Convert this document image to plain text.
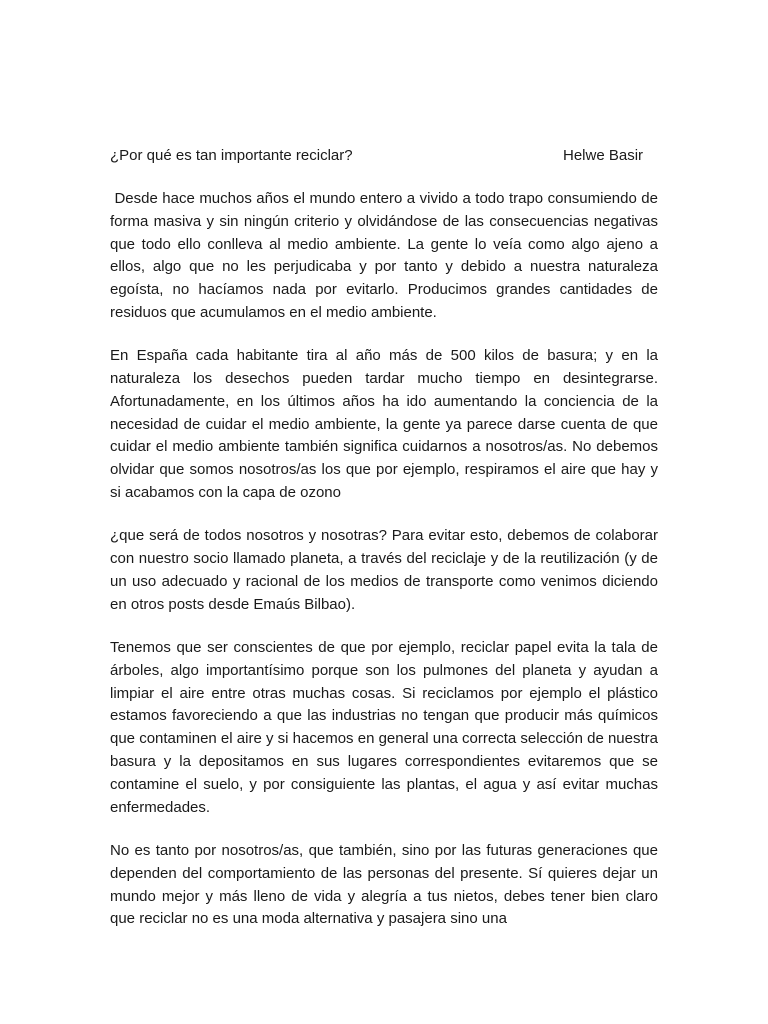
¿Por qué es tan importante reciclar?	Helwe Basir

Desde hace muchos años el mundo entero a vivido a todo trapo consumiendo de forma masiva y sin ningún criterio y olvidándose de las consecuencias negativas que todo ello conlleva al medio ambiente. La gente lo veía como algo ajeno a ellos, algo que no les perjudicaba y por tanto y debido a nuestra naturaleza egoísta, no hacíamos nada por evitarlo. Producimos grandes cantidades de residuos que acumulamos en el medio ambiente.

En España cada habitante tira al año más de 500 kilos de basura; y en la naturaleza los desechos pueden tardar mucho tiempo en desintegrarse. Afortunadamente, en los últimos años ha ido aumentando la conciencia de la necesidad de cuidar el medio ambiente, la gente ya parece darse cuenta de que cuidar el medio ambiente también significa cuidarnos a nosotros/as. No debemos olvidar que somos nosotros/as los que por ejemplo, respiramos el aire que hay y si acabamos con la capa de ozono

¿que será de todos nosotros y nosotras? Para evitar esto, debemos de colaborar con nuestro socio llamado planeta, a través del reciclaje y de la reutilización (y de un uso adecuado y racional de los medios de transporte como venimos diciendo en otros posts desde Emaús Bilbao).

Tenemos que ser conscientes de que por ejemplo, reciclar papel evita la tala de árboles, algo importantísimo porque son los pulmones del planeta y ayudan a limpiar el aire entre otras muchas cosas. Si reciclamos por ejemplo el plástico estamos favoreciendo a que las industrias no tengan que producir más químicos que contaminen el aire y si hacemos en general una correcta selección de nuestra basura y la depositamos en sus lugares correspondientes evitaremos que se contamine el suelo, y por consiguiente las plantas, el agua y así evitar muchas enfermedades.

No es tanto por nosotros/as, que también, sino por las futuras generaciones que dependen del comportamiento de las personas del presente. Sí quieres dejar un mundo mejor y más lleno de vida y alegría a tus nietos, debes tener bien claro que reciclar no es una moda alternativa y pasajera sino una
